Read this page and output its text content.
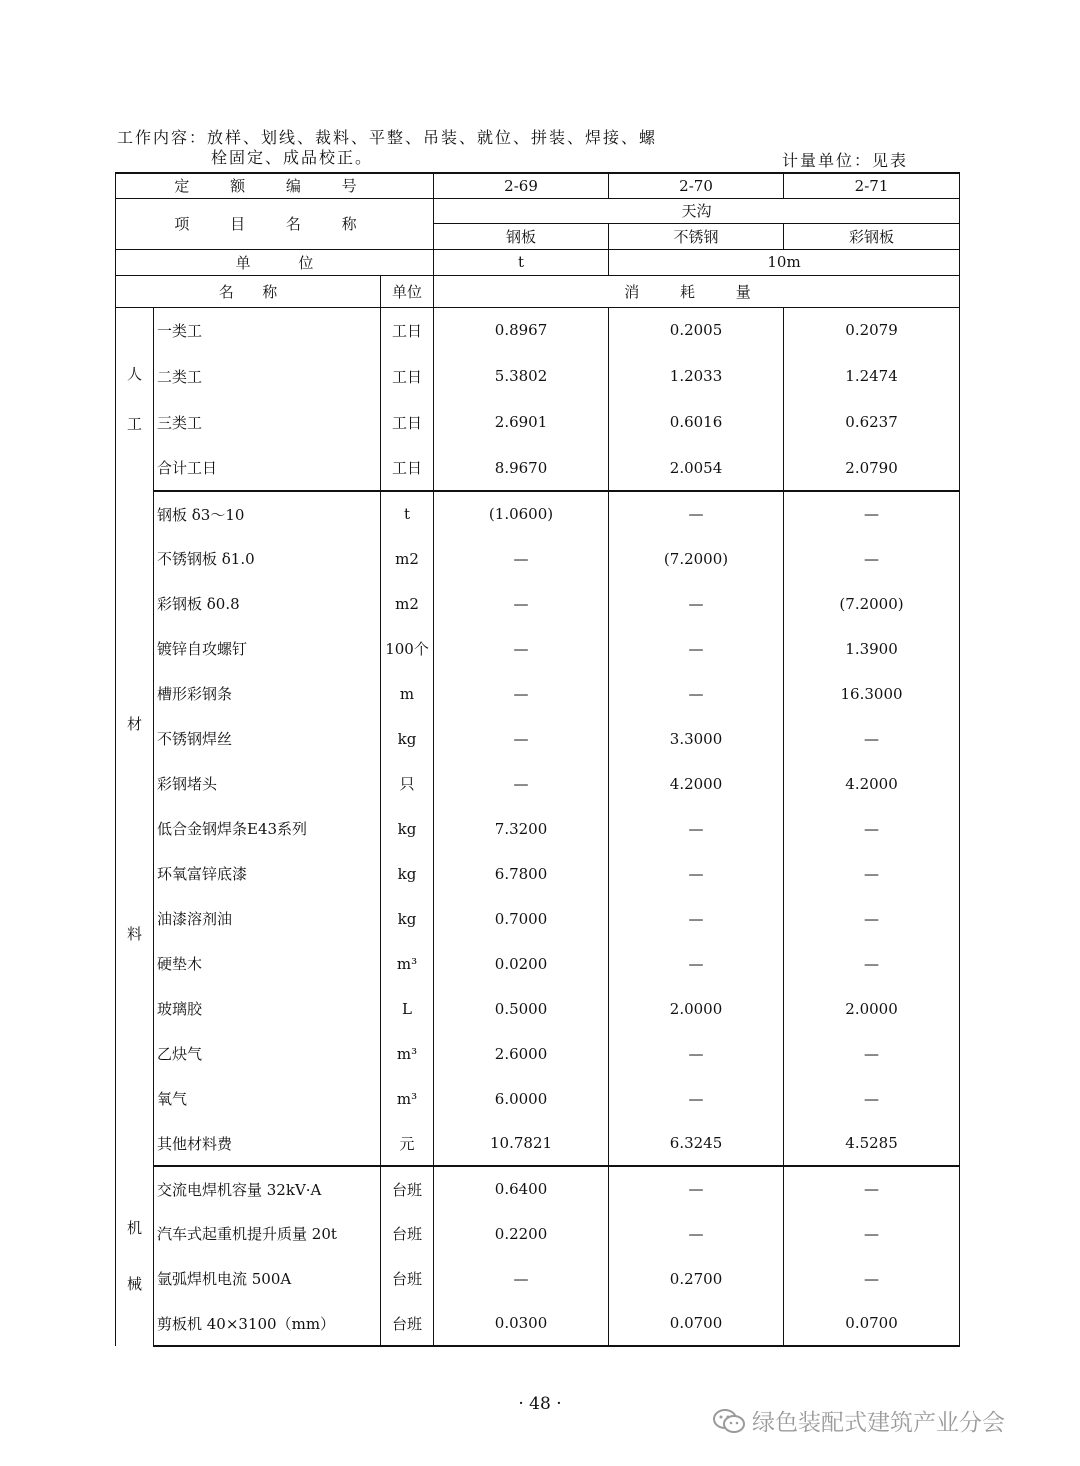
工作内容：放样、划线、裁料、平整、吊装、就位、拼装、焊接、螺
栓固定、成品校正。	计量单位：见表
定 额 编 号			2-69	2-70	2-71
项 目 名 称			天沟		
			钢板	不锈钢	彩钢板
单          位			t	10m	
名      称		单位	消 耗 量		
人工	一类工	工日	0.8967	0.2005	0.2079
	二类工	工日	5.3802	1.2033	1.2474
	三类工	工日	2.6901	0.6016	0.6237
	合计工日	工日	8.9670	2.0054	2.0790
材料	钢板 δ3～10	t	(1.0600)	—	—
	不锈钢板 δ1.0	m2	—	(7.2000)	—
	彩钢板 δ0.8	m2	—	—	(7.2000)
	镀锌自攻螺钉	100个	—	—	1.3900
	槽形彩钢条	m	—	—	16.3000
	不锈钢焊丝	kg	—	3.3000	—
	彩钢堵头	只	—	4.2000	4.2000
	低合金钢焊条E43系列	kg	7.3200	—	—
	环氧富锌底漆	kg	6.7800	—	—
	油漆溶剂油	kg	0.7000	—	—
	硬垫木	m³	0.0200	—	—
	玻璃胶	L	0.5000	2.0000	2.0000
	乙炔气	m³	2.6000	—	—
	氧气	m³	6.0000	—	—
	其他材料费	元	10.7821	6.3245	4.5285
机械	交流电焊机容量 32kV·A	台班	0.6400	—	—
	汽车式起重机提升质量 20t	台班	0.2200	—	—
	氩弧焊机电流 500A	台班	—	0.2700	—
	剪板机 40×3100（mm）	台班	0.0300	0.0700	0.0700
· 48 ·
绿色装配式建筑产业分会
